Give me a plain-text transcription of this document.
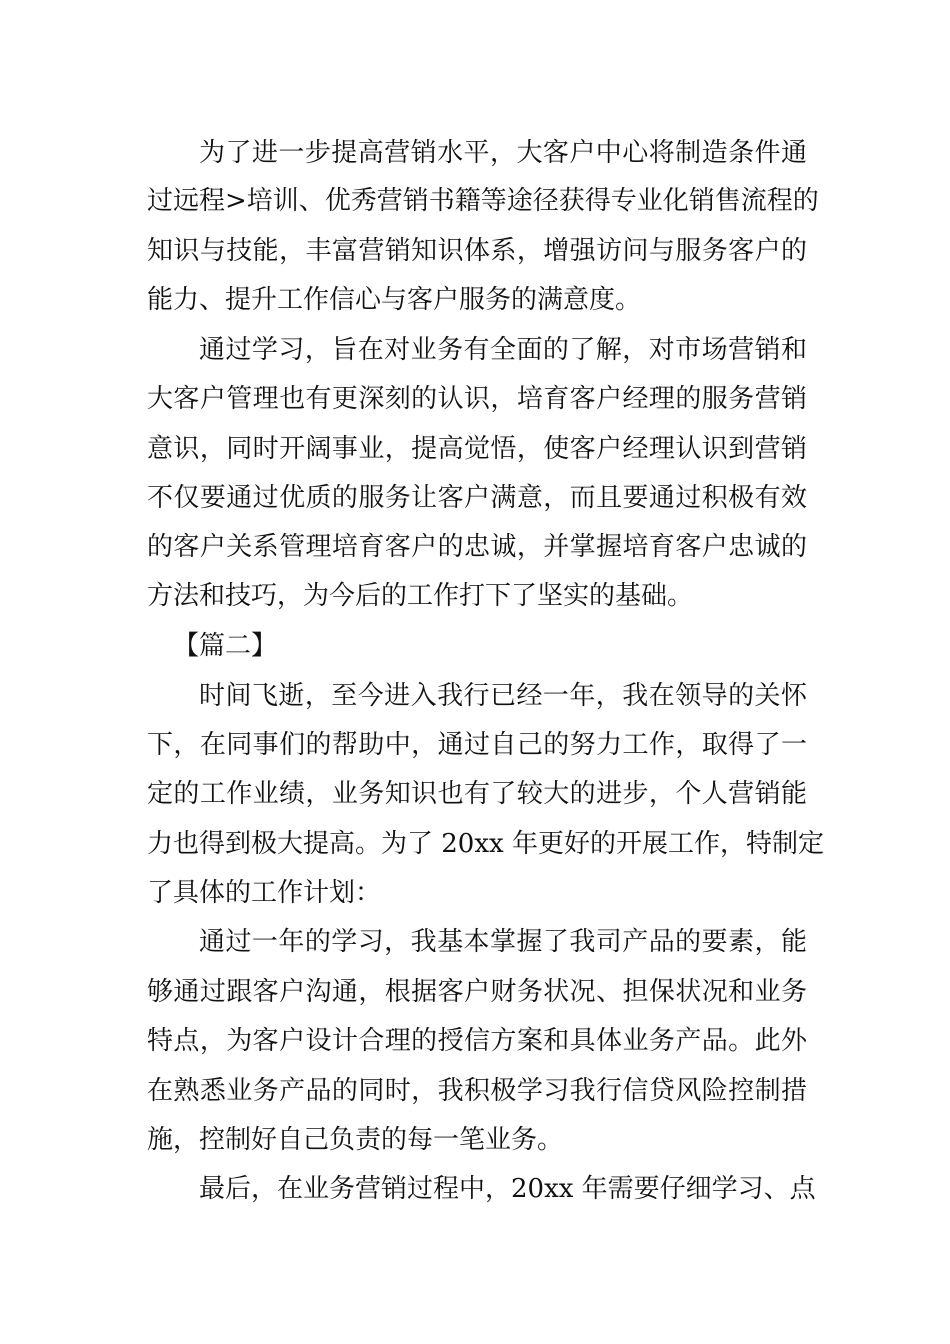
为了进一步提高营销水平，大客户中心将制造条件通
过远程>培训、优秀营销书籍等途径获得专业化销售流程的
知识与技能，丰富营销知识体系，增强访问与服务客户的
能力、提升工作信心与客户服务的满意度。
通过学习，旨在对业务有全面的了解，对市场营销和
大客户管理也有更深刻的认识，培育客户经理的服务营销
意识，同时开阔事业，提高觉悟，使客户经理认识到营销
不仅要通过优质的服务让客户满意，而且要通过积极有效
的客户关系管理培育客户的忠诚，并掌握培育客户忠诚的
方法和技巧，为今后的工作打下了坚实的基础。
【篇二】
时间飞逝，至今进入我行已经一年，我在领导的关怀
下，在同事们的帮助中，通过自己的努力工作，取得了一
定的工作业绩，业务知识也有了较大的进步，个人营销能
力也得到极大提高。为了 20xx 年更好的开展工作，特制定
了具体的工作计划：
通过一年的学习，我基本掌握了我司产品的要素，能
够通过跟客户沟通，根据客户财务状况、担保状况和业务
特点，为客户设计合理的授信方案和具体业务产品。此外
在熟悉业务产品的同时，我积极学习我行信贷风险控制措
施，控制好自己负责的每一笔业务。
最后，在业务营销过程中，20xx 年需要仔细学习、点
